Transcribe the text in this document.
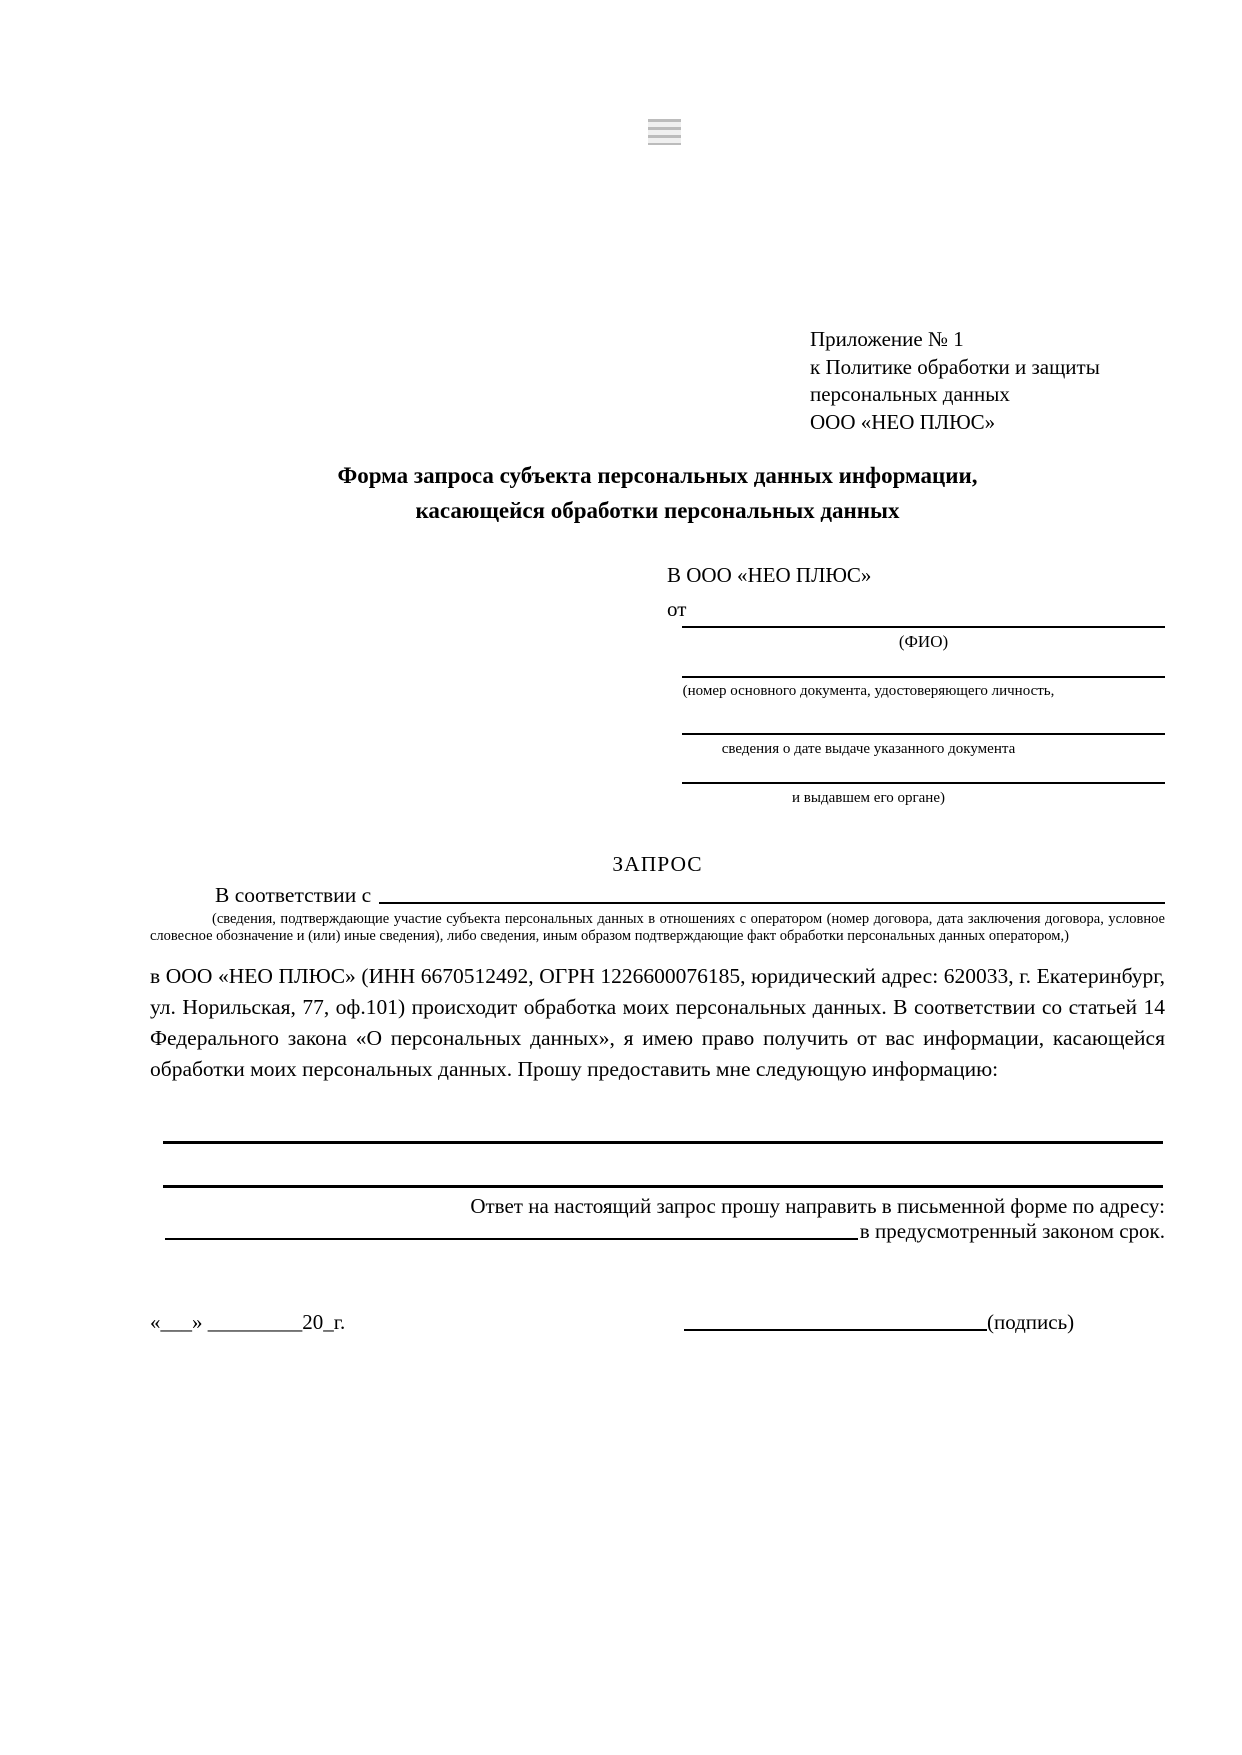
Приложение № 1
к Политике обработки и защиты
персональных данных
ООО «НЕО ПЛЮС»
Форма запроса субъекта персональных данных информации,
касающейся обработки персональных данных
В ООО «НЕО ПЛЮС»
от
(ФИО)
(номер основного документа, удостоверяющего личность,
сведения о дате выдаче указанного документа
и выдавшем его органе)
ЗАПРОС
В соответствии с
(сведения, подтверждающие участие субъекта персональных данных в отношениях с оператором (номер договора, дата заключения договора, условное словесное обозначение и (или) иные сведения), либо сведения, иным образом подтверждающие факт обработки персональных данных оператором,)
в ООО «НЕО ПЛЮС» (ИНН 6670512492, ОГРН 1226600076185, юридический адрес: 620033, г. Екатеринбург, ул. Норильская, 77, оф.101) происходит обработка моих персональных данных. В соответствии со статьей 14 Федерального закона «О персональных данных», я имею право получить от вас информации, касающейся обработки моих персональных данных. Прошу предоставить мне следующую информацию:
Ответ на настоящий запрос прошу направить в письменной форме по адресу:
в предусмотренный законом срок.
«___» _________20_г.	(подпись)
